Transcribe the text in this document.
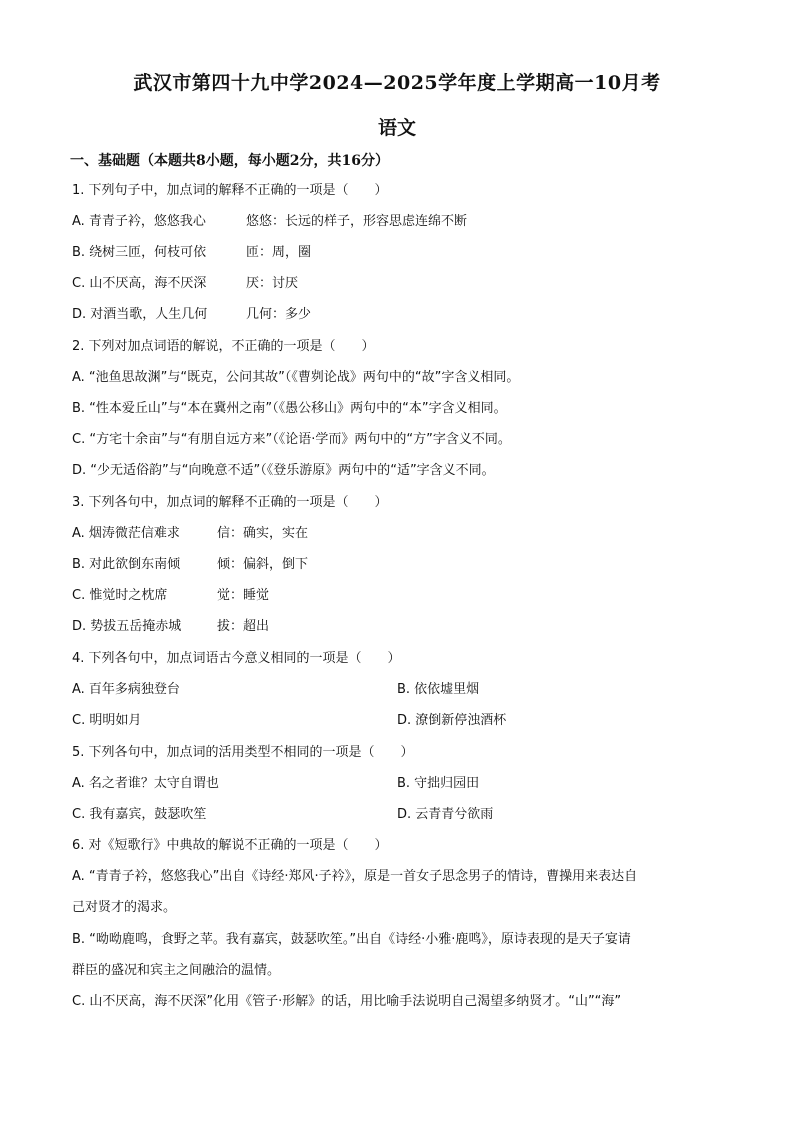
武汉市第四十九中学2024—2025学年度上学期高一10月考
语文
一、基础题（本题共8小题，每小题2分，共16分）
1. 下列句子中，加点词的解释不正确的一项是（　　）
A. 青青子衿，悠悠我心	悠悠：长远的样子，形容思虑连绵不断
B. 绕树三匝，何枝可依	匝：周，圈
C. 山不厌高，海不厌深	厌：讨厌
D. 对酒当歌，人生几何	几何：多少
2. 下列对加点词语的解说，不正确的一项是（　　）
A. “池鱼思故渊”与“既克，公问其故”（《曹刿论战》两句中的“故”字含义相同。
B. “性本爱丘山”与“本在冀州之南”（《愚公移山》两句中的“本”字含义相同。
C. “方宅十余亩”与“有朋自远方来”（《论语·学而》两句中的“方”字含义不同。
D. “少无适俗韵”与“向晚意不适”（《登乐游原》两句中的“适”字含义不同。
3. 下列各句中，加点词的解释不正确的一项是（　　）
A. 烟涛微茫信难求	信：确实，实在
B. 对此欲倒东南倾	倾：偏斜，倒下
C. 惟觉时之枕席	觉：睡觉
D. 势拔五岳掩赤城	拔：超出
4. 下列各句中，加点词语古今意义相同的一项是（　　）
A. 百年多病独登台	B. 依依墟里烟
C. 明明如月	D. 潦倒新停浊酒杯
5. 下列各句中，加点词的活用类型不相同的一项是（　　）
A. 名之者谁？太守自谓也	B. 守拙归园田
C. 我有嘉宾，鼓瑟吹笙	D. 云青青兮欲雨
6. 对《短歌行》中典故的解说不正确的一项是（　　）
A. “青青子衿，悠悠我心”出自《诗经·郑风·子衿》，原是一首女子思念男子的情诗，曹操用来表达自
己对贤才的渴求。
B. “呦呦鹿鸣，食野之苹。我有嘉宾，鼓瑟吹笙。”出自《诗经·小雅·鹿鸣》，原诗表现的是天子宴请
群臣的盛况和宾主之间融洽的温情。
C. 山不厌高，海不厌深”化用《管子·形解》的话，用比喻手法说明自己渴望多纳贤才。“山”“海”
